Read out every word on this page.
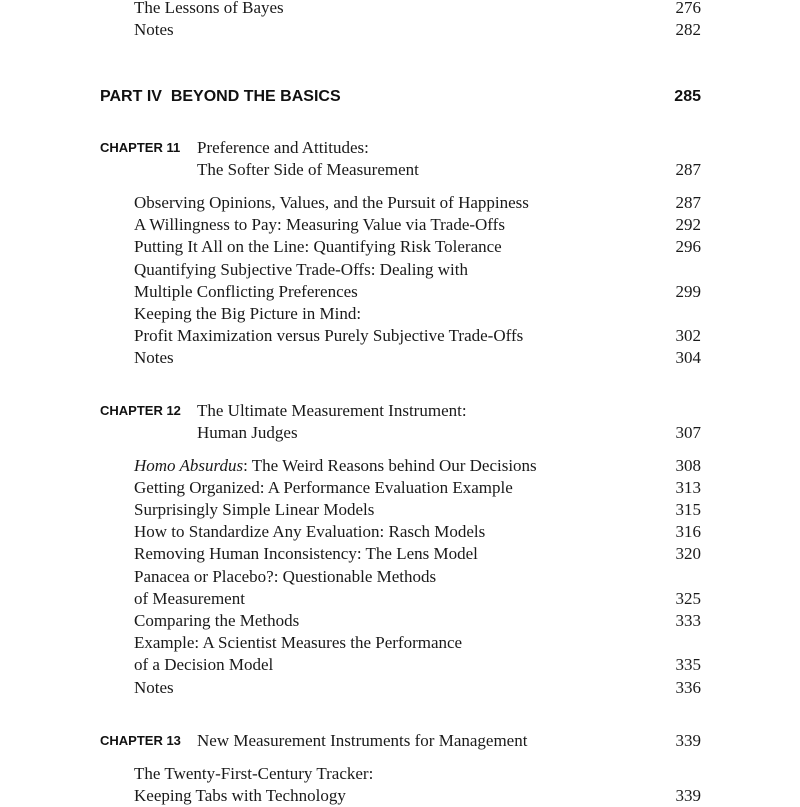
The Lessons of Bayes	276
Notes	282
PART IV BEYOND THE BASICS	285
CHAPTER 11 Preference and Attitudes:
The Softer Side of Measurement	287
Observing Opinions, Values, and the Pursuit of Happiness	287
A Willingness to Pay: Measuring Value via Trade-Offs	292
Putting It All on the Line: Quantifying Risk Tolerance	296
Quantifying Subjective Trade-Offs: Dealing with
Multiple Conflicting Preferences	299
Keeping the Big Picture in Mind:
Profit Maximization versus Purely Subjective Trade-Offs	302
Notes	304
CHAPTER 12 The Ultimate Measurement Instrument:
Human Judges	307
Homo Absurdus: The Weird Reasons behind Our Decisions	308
Getting Organized: A Performance Evaluation Example	313
Surprisingly Simple Linear Models	315
How to Standardize Any Evaluation: Rasch Models	316
Removing Human Inconsistency: The Lens Model	320
Panacea or Placebo?: Questionable Methods
of Measurement	325
Comparing the Methods	333
Example: A Scientist Measures the Performance
of a Decision Model	335
Notes	336
CHAPTER 13 New Measurement Instruments for Management	339
The Twenty-First-Century Tracker:
Keeping Tabs with Technology	339
